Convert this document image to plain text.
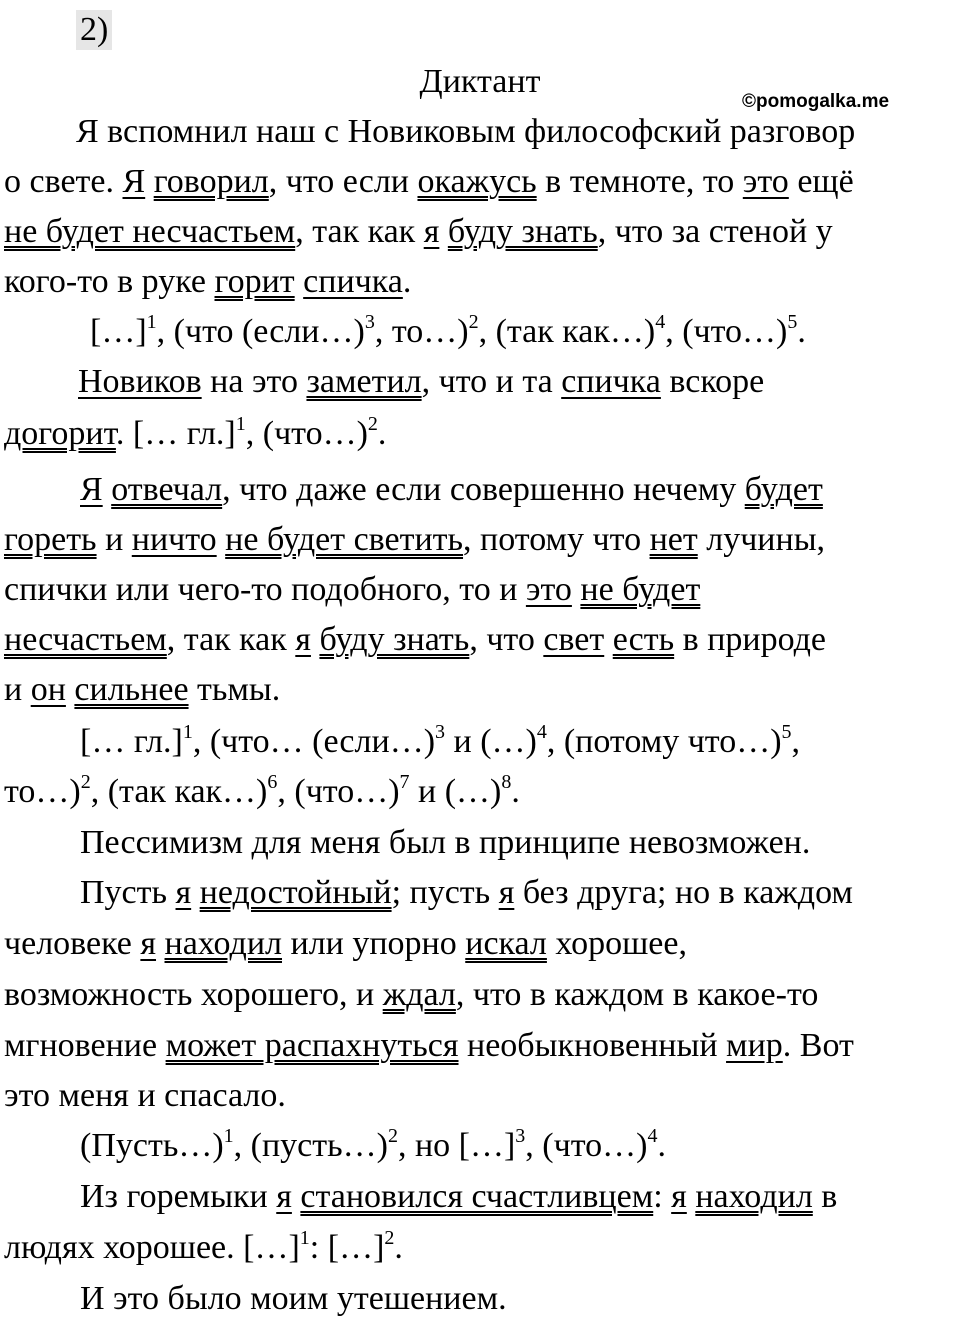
2)
Диктант
©pomogalka.me
Я вспомнил наш с Новиковым философский разговор
о свете. Я говорил, что если окажусь в темноте, то это ещё
не будет несчастьем, так как я буду знать, что за стеной у
кого-то в руке горит спичка.
[…]$^1$, (что (если…)$^3$, то…)$^2$, (так как…)$^4$, (что…)$^5$.
Новиков на это заметил, что и та спичка вскоре
догорит. [… гл.]$^1$, (что…)$^2$.
Я отвечал, что даже если совершенно нечему будет
гореть и ничто не будет светить, потому что нет лучины,
спички или чего-то подобного, то и это не будет
несчастьем, так как я буду знать, что свет есть в природе
и он сильнее тьмы.
[… гл.]$^1$, (что… (если…)$^3$ и (…)$^4$, (потому что…)$^5$,
то…)$^2$, (так как…)$^6$, (что…)$^7$ и (…)$^8$.
Пессимизм для меня был в принципе невозможен.
Пусть я недостойный; пусть я без друга; но в каждом
человеке я находил или упорно искал хорошее,
возможность хорошего, и ждал, что в каждом в какое-то
мгновение может распахнуться необыкновенный мир. Вот
это меня и спасало.
(Пусть…)$^1$, (пусть…)$^2$, но […]$^3$, (что…)$^4$.
Из горемыки я становился счастливцем: я находил в
людях хорошее. […]$^1$: […]$^2$.
И это было моим утешением.
